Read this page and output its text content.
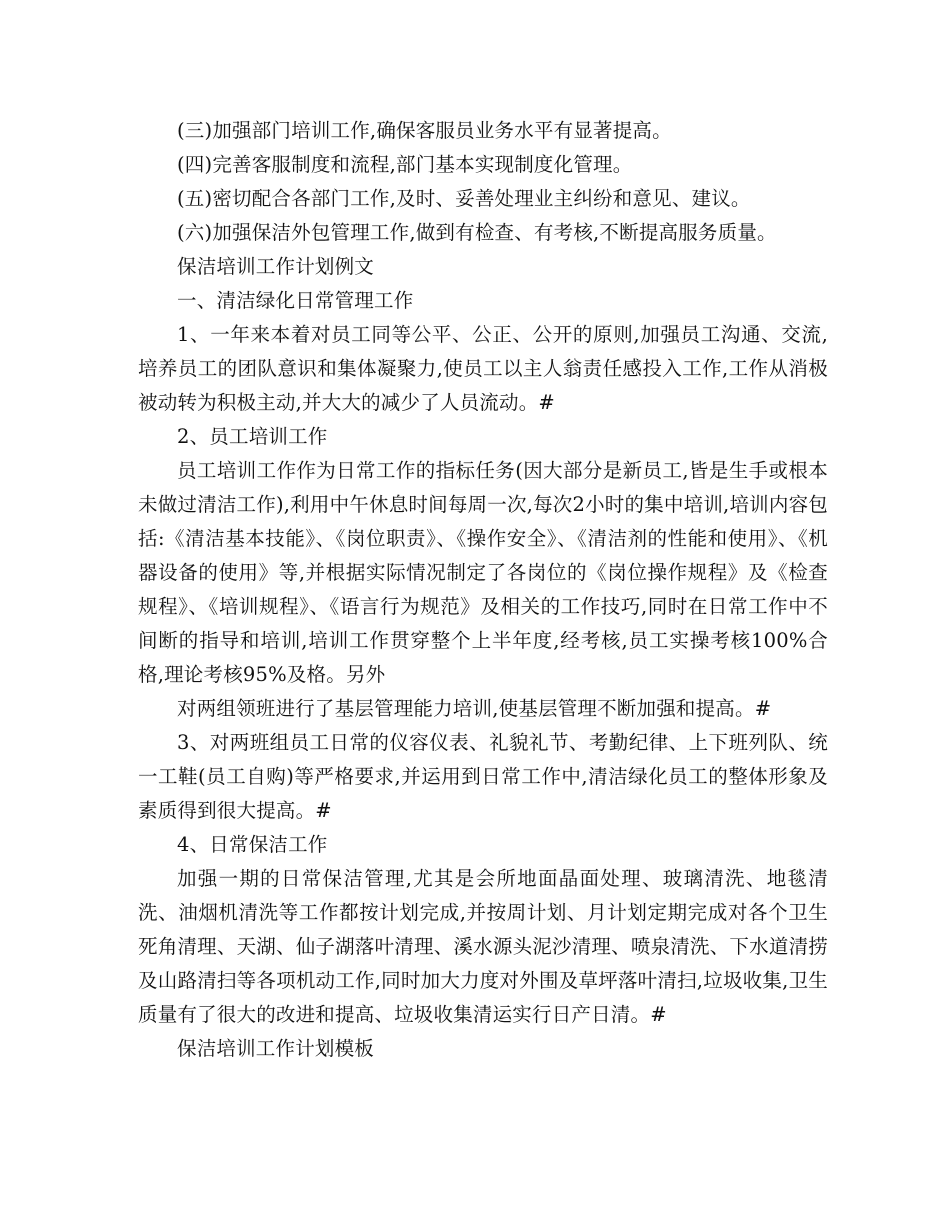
(三)加强部门培训工作,确保客服员业务水平有显著提高。

(四)完善客服制度和流程,部门基本实现制度化管理。

(五)密切配合各部门工作,及时、妥善处理业主纠纷和意见、建议。

(六)加强保洁外包管理工作,做到有检查、有考核,不断提高服务质量。

保洁培训工作计划例文

一、清洁绿化日常管理工作

1、一年来本着对员工同等公平、公正、公开的原则,加强员工沟通、交流,培养员工的团队意识和集体凝聚力,使员工以主人翁责任感投入工作,工作从消极被动转为积极主动,并大大的减少了人员流动。#

2、员工培训工作

员工培训工作作为日常工作的指标任务(因大部分是新员工,皆是生手或根本未做过清洁工作),利用中午休息时间每周一次,每次2小时的集中培训,培训内容包括:《清洁基本技能》、《岗位职责》、《操作安全》、《清洁剂的性能和使用》、《机器设备的使用》等,并根据实际情况制定了各岗位的《岗位操作规程》及《检查规程》、《培训规程》、《语言行为规范》及相关的工作技巧,同时在日常工作中不间断的指导和培训,培训工作贯穿整个上半年度,经考核,员工实操考核100%合格,理论考核95%及格。另外

对两组领班进行了基层管理能力培训,使基层管理不断加强和提高。#

3、对两班组员工日常的仪容仪表、礼貌礼节、考勤纪律、上下班列队、统一工鞋(员工自购)等严格要求,并运用到日常工作中,清洁绿化员工的整体形象及素质得到很大提高。#

4、日常保洁工作

加强一期的日常保洁管理,尤其是会所地面晶面处理、玻璃清洗、地毯清洗、油烟机清洗等工作都按计划完成,并按周计划、月计划定期完成对各个卫生死角清理、天湖、仙子湖落叶清理、溪水源头泥沙清理、喷泉清洗、下水道清捞及山路清扫等各项机动工作,同时加大力度对外围及草坪落叶清扫,垃圾收集,卫生质量有了很大的改进和提高、垃圾收集清运实行日产日清。#

保洁培训工作计划模板
